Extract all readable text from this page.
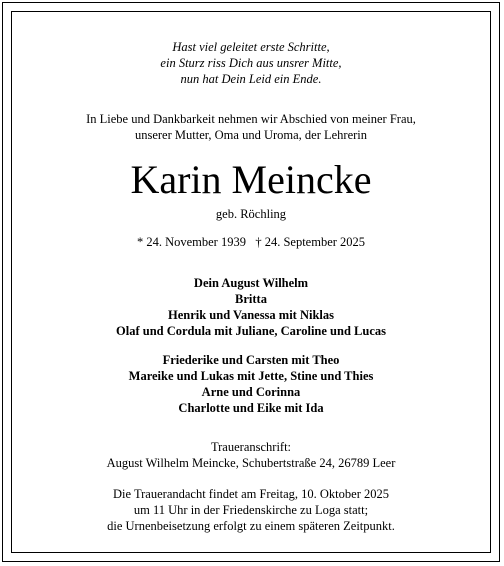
Hast viel geleitet erste Schritte,
ein Sturz riss Dich aus unsrer Mitte,
nun hat Dein Leid ein Ende.
In Liebe und Dankbarkeit nehmen wir Abschied von meiner Frau,
unserer Mutter, Oma und Uroma, der Lehrerin
Karin Meincke
geb. Röchling
* 24. November 1939   † 24. September 2025
Dein August Wilhelm
Britta
Henrik und Vanessa mit Niklas
Olaf und Cordula mit Juliane, Caroline und Lucas
Friederike und Carsten mit Theo
Mareike und Lukas mit Jette, Stine und Thies
Arne und Corinna
Charlotte und Eike mit Ida
Traueranschrift:
August Wilhelm Meincke, Schubertstraße 24, 26789 Leer
Die Trauerandacht findet am Freitag, 10. Oktober 2025
um 11 Uhr in der Friedenskirche zu Loga statt;
die Urnenbeisetzung erfolgt zu einem späteren Zeitpunkt.
